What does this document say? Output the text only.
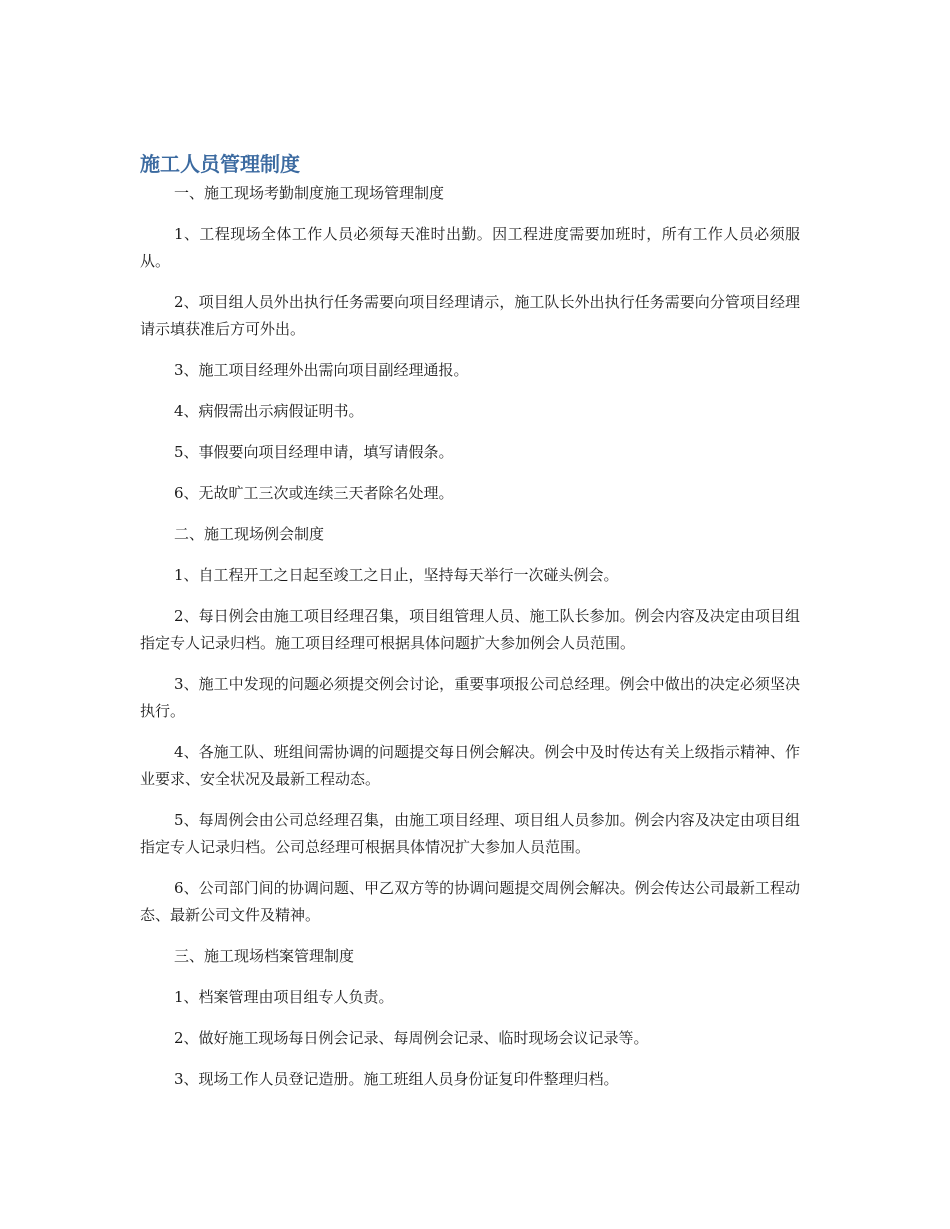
施工人员管理制度

一、施工现场考勤制度施工现场管理制度

1、工程现场全体工作人员必须每天准时出勤。因工程进度需要加班时，所有工作人员必须服从。

2、项目组人员外出执行任务需要向项目经理请示，施工队长外出执行任务需要向分管项目经理请示填获准后方可外出。

3、施工项目经理外出需向项目副经理通报。

4、病假需出示病假证明书。

5、事假要向项目经理申请，填写请假条。

6、无故旷工三次或连续三天者除名处理。

二、施工现场例会制度

1、自工程开工之日起至竣工之日止，坚持每天举行一次碰头例会。

2、每日例会由施工项目经理召集，项目组管理人员、施工队长参加。例会内容及决定由项目组指定专人记录归档。施工项目经理可根据具体问题扩大参加例会人员范围。

3、施工中发现的问题必须提交例会讨论，重要事项报公司总经理。例会中做出的决定必须坚决执行。

4、各施工队、班组间需协调的问题提交每日例会解决。例会中及时传达有关上级指示精神、作业要求、安全状况及最新工程动态。

5、每周例会由公司总经理召集，由施工项目经理、项目组人员参加。例会内容及决定由项目组指定专人记录归档。公司总经理可根据具体情况扩大参加人员范围。

6、公司部门间的协调问题、甲乙双方等的协调问题提交周例会解决。例会传达公司最新工程动态、最新公司文件及精神。

三、施工现场档案管理制度

1、档案管理由项目组专人负责。

2、做好施工现场每日例会记录、每周例会记录、临时现场会议记录等。

3、现场工作人员登记造册。施工班组人员身份证复印件整理归档。
